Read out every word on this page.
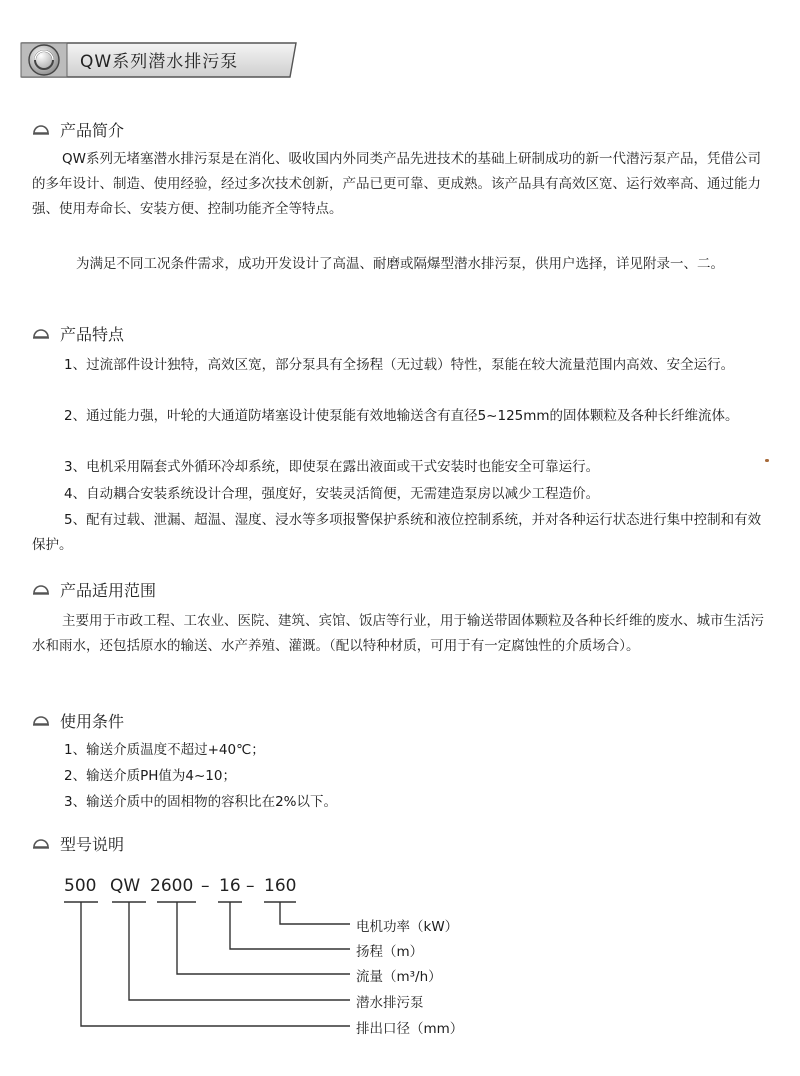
QW系列潜水排污泵
产品简介

QW系列无堵塞潜水排污泵是在消化、吸收国内外同类产品先进技术的基础上研制成功的新一代潜污泵产品，凭借公司的多年设计、制造、使用经验，经过多次技术创新，产品已更可靠、更成熟。该产品具有高效区宽、运行效率高、通过能力强、使用寿命长、安装方便、控制功能齐全等特点。

为满足不同工况条件需求，成功开发设计了高温、耐磨或隔爆型潜水排污泵，供用户选择，详见附录一、二。

产品特点

1、过流部件设计独特，高效区宽，部分泵具有全扬程（无过载）特性，泵能在较大流量范围内高效、安全运行。

2、通过能力强，叶轮的大通道防堵塞设计使泵能有效地输送含有直径5~125mm的固体颗粒及各种长纤维流体。

3、电机采用隔套式外循环冷却系统，即使泵在露出液面或干式安装时也能安全可靠运行。

4、自动耦合安装系统设计合理，强度好，安装灵活简便，无需建造泵房以减少工程造价。

5、配有过载、泄漏、超温、湿度、浸水等多项报警保护系统和液位控制系统，并对各种运行状态进行集中控制和有效保护。

产品适用范围

主要用于市政工程、工农业、医院、建筑、宾馆、饭店等行业，用于输送带固体颗粒及各种长纤维的废水、城市生活污水和雨水，还包括原水的输送、水产养殖、灌溉。（配以特种材质，可用于有一定腐蚀性的介质场合）。

使用条件

1、输送介质温度不超过+40℃；

2、输送介质PH值为4~10；

3、输送介质中的固相物的容积比在2%以下。

型号说明
500 QW 2600 – 16 – 160
电机功率（kW）
扬程（m）
流量（m³/h）
潜水排污泵
排出口径（mm）
